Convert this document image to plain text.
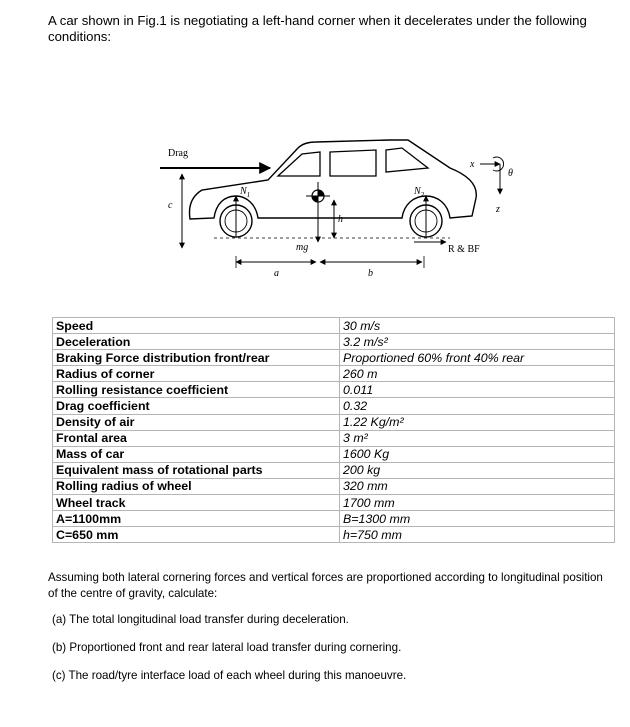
A car shown in Fig.1 is negotiating a left-hand corner when it decelerates under the following conditions:

Drag
c
$N_1$	$N_2$
mg
h
R & BF
a	b
x
θ
z
Speed	30 m/s
Deceleration	3.2 m/s²
Braking Force distribution front/rear	Proportioned 60% front 40% rear
Radius of corner	260 m
Rolling resistance coefficient	0.011
Drag coefficient	0.32
Density of air	1.22 Kg/m²
Frontal area	3 m²
Mass of car	1600 Kg
Equivalent mass of rotational parts	200 kg
Rolling radius of wheel	320 mm
Wheel track	1700 mm
A=1100mm	B=1300 mm
C=650 mm	h=750 mm

Assuming both lateral cornering forces and vertical forces are proportioned according to longitudinal position of the centre of gravity, calculate:

(a) The total longitudinal load transfer during deceleration.

(b) Proportioned front and rear lateral load transfer during cornering.

(c) The road/tyre interface load of each wheel during this manoeuvre.
